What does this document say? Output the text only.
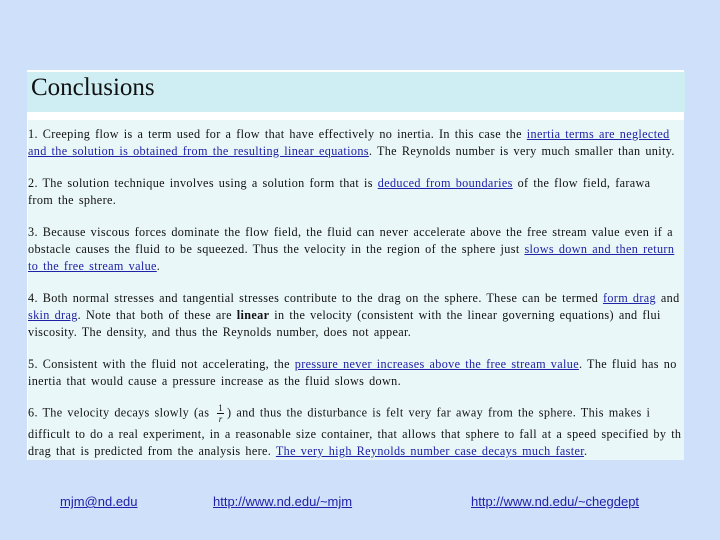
Conclusions
1. Creeping flow is a term used for a flow that have effectively no inertia. In this case the inertia terms are neglected
and the solution is obtained from the resulting linear equations. The Reynolds number is very much smaller than unity.
2. The solution technique involves using a solution form that is deduced from boundaries of the flow field, farawa
from the sphere.
3. Because viscous forces dominate the flow field, the fluid can never accelerate above the free stream value even if a
obstacle causes the fluid to be squeezed. Thus the velocity in the region of the sphere just slows down and then return
to the free stream value.
4. Both normal stresses and tangential stresses contribute to the drag on the sphere. These can be termed form drag and
skin drag. Note that both of these are linear in the velocity (consistent with the linear governing equations) and flui
viscosity. The density, and thus the Reynolds number, does not appear.
5. Consistent with the fluid not accelerating, the pressure never increases above the free stream value. The fluid has no
inertia that would cause a pressure increase as the fluid slows down.
6. The velocity decays slowly ($as \frac{1}{r}$ ) and thus the disturbance is felt very far away from the sphere. This makes i
difficult to do a real experiment, in a reasonable size container, that allows that sphere to fall at a speed specified by th
drag that is predicted from the analysis here. The very high Reynolds number case decays much faster.
mjm@nd.edu	http://www.nd.edu/~mjm	http://www.nd.edu/~chegdept
